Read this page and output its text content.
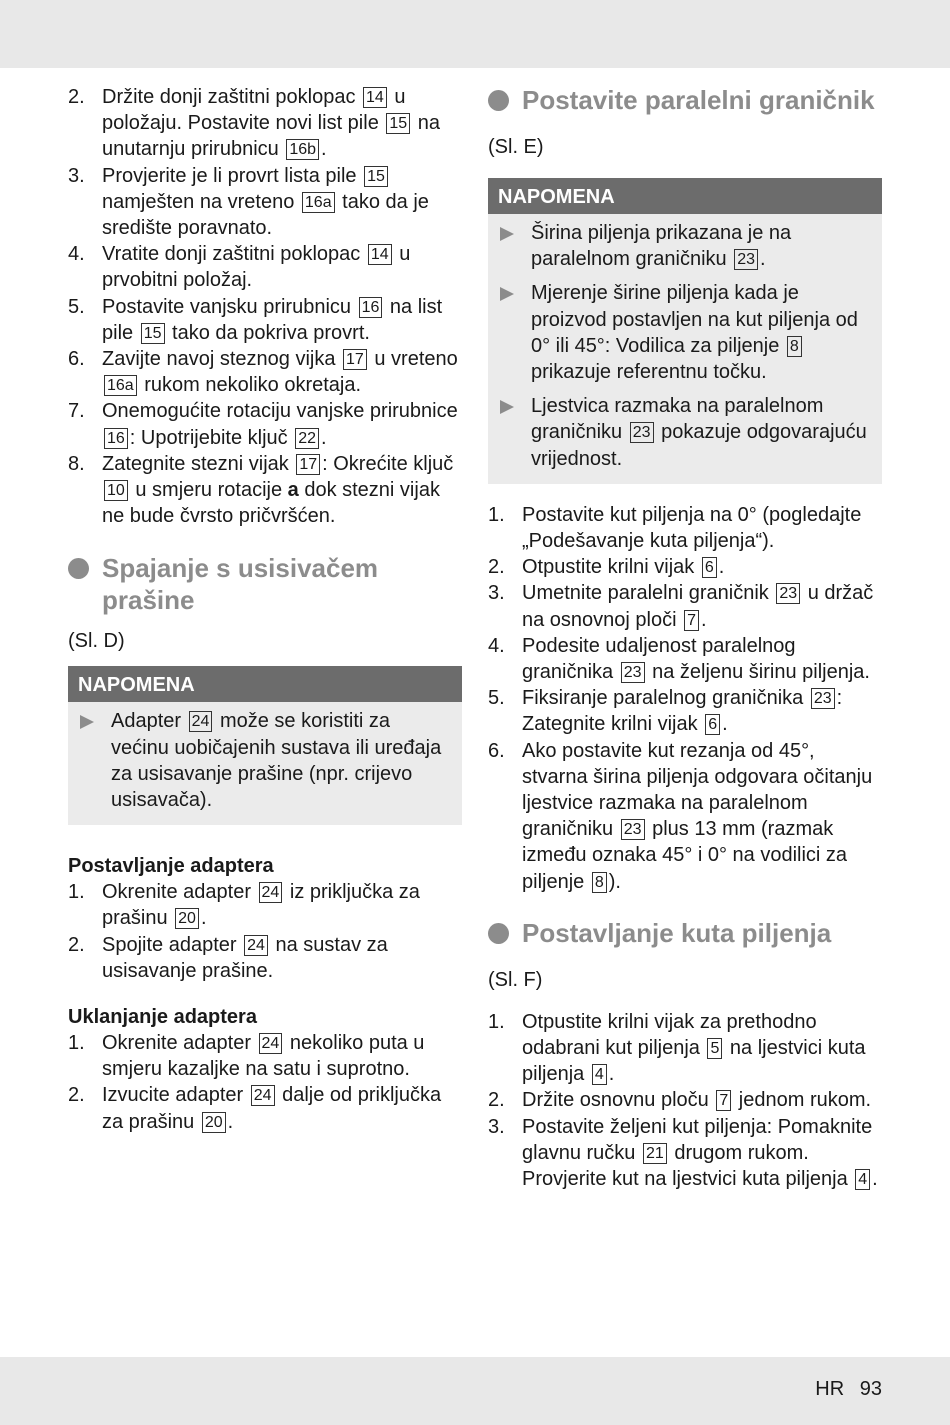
2. Držite donji zaštitni poklopac 14 u položaju. Postavite novi list pile 15 na unutarnju prirubnicu 16b .
3. Provjerite je li provrt lista pile 15 namješten na vreteno 16a tako da je središte poravnato.
4. Vratite donji zaštitni poklopac 14 u prvobitni položaj.
5. Postavite vanjsku prirubnicu 16 na list pile 15 tako da pokriva provrt.
6. Zavijte navoj steznog vijka 17 u vreteno 16a rukom nekoliko okretaja.
7. Onemogućite rotaciju vanjske prirubnice 16 : Upotrijebite ključ 22 .
8. Zategnite stezni vijak 17 : Okrećite ključ 10 u smjeru rotacije a dok stezni vijak ne bude čvrsto pričvršćen.
Spajanje s usisivačem prašine
(Sl. D)
NAPOMENA
Adapter 24 može se koristiti za većinu uobičajenih sustava ili uređaja za usisavanje prašine (npr. crijevo usisavača).
Postavljanje adaptera
1. Okrenite adapter 24 iz priključka za prašinu 20 .
2. Spojite adapter 24 na sustav za usisavanje prašine.
Uklanjanje adaptera
1. Okrenite adapter 24 nekoliko puta u smjeru kazaljke na satu i suprotno.
2. Izvucite adapter 24 dalje od priključka za prašinu 20 .
Postavite paralelni graničnik
(Sl. E)
NAPOMENA
Širina piljenja prikazana je na paralelnom graničniku 23 .
Mjerenje širine piljenja kada je proizvod postavljen na kut piljenja od 0° ili 45°: Vodilica za piljenje 8 prikazuje referentnu točku.
Ljestvica razmaka na paralelnom graničniku 23 pokazuje odgovarajuću vrijednost.
1. Postavite kut piljenja na 0° (pogledajte „Podešavanje kuta piljenja“).
2. Otpustite krilni vijak 6 .
3. Umetnite paralelni graničnik 23 u držač na osnovnoj ploči 7 .
4. Podesite udaljenost paralelnog graničnika 23 na željenu širinu piljenja.
5. Fiksiranje paralelnog graničnika 23 : Zategnite krilni vijak 6 .
6. Ako postavite kut rezanja od 45°, stvarna širina piljenja odgovara očitanju ljestvice razmaka na paralelnom graničniku 23 plus 13 mm (razmak između oznaka 45° i 0° na vodilici za piljenje 8 ).
Postavljanje kuta piljenja
(Sl. F)
1. Otpustite krilni vijak za prethodno odabrani kut piljenja 5 na ljestvici kuta piljenja 4 .
2. Držite osnovnu ploču 7 jednom rukom.
3. Postavite željeni kut piljenja: Pomaknite glavnu ručku 21 drugom rukom. Provjerite kut na ljestvici kuta piljenja 4 .
HR 93
